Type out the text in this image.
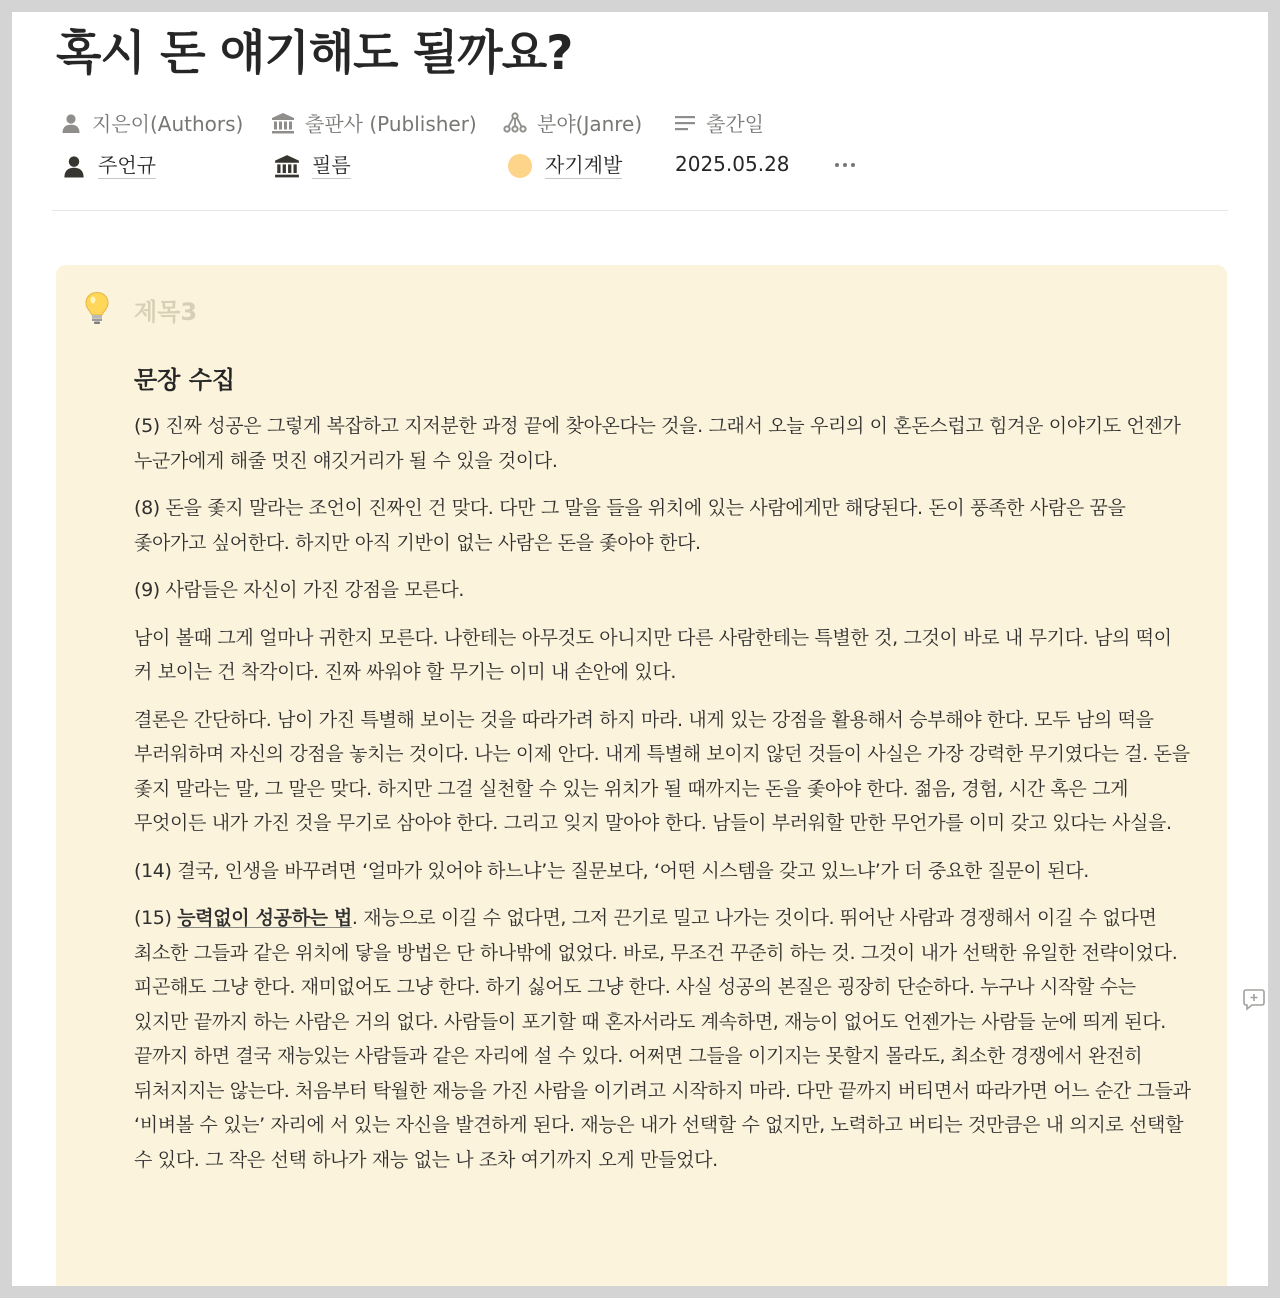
혹시 돈 얘기해도 될까요?
지은이(Authors)	출판사 (Publisher)	분야(Janre)	출간일
주언규	필름	자기계발	2025.05.28
제목3
문장 수집

(5) 진짜 성공은 그렇게 복잡하고 지저분한 과정 끝에 찾아온다는 것을. 그래서 오늘 우리의 이 혼돈스럽고 힘겨운 이야기도 언젠가 누군가에게 해줄 멋진 얘깃거리가 될 수 있을 것이다.

(8) 돈을 좇지 말라는 조언이 진짜인 건 맞다. 다만 그 말을 들을 위치에 있는 사람에게만 해당된다. 돈이 풍족한 사람은 꿈을 좇아가고 싶어한다. 하지만 아직 기반이 없는 사람은 돈을 좇아야 한다.

(9) 사람들은 자신이 가진 강점을 모른다.

남이 볼때 그게 얼마나 귀한지 모른다. 나한테는 아무것도 아니지만 다른 사람한테는 특별한 것, 그것이 바로 내 무기다. 남의 떡이 커 보이는 건 착각이다. 진짜 싸워야 할 무기는 이미 내 손안에 있다.

결론은 간단하다. 남이 가진 특별해 보이는 것을 따라가려 하지 마라. 내게 있는 강점을 활용해서 승부해야 한다. 모두 남의 떡을 부러워하며 자신의 강점을 놓치는 것이다. 나는 이제 안다. 내게 특별해 보이지 않던 것들이 사실은 가장 강력한 무기였다는 걸. 돈을 좇지 말라는 말, 그 말은 맞다. 하지만 그걸 실천할 수 있는 위치가 될 때까지는 돈을 좇아야 한다. 젊음, 경험, 시간 혹은 그게 무엇이든 내가 가진 것을 무기로 삼아야 한다. 그리고 잊지 말아야 한다. 남들이 부러워할 만한 무언가를 이미 갖고 있다는 사실을.

(14) 결국, 인생을 바꾸려면 ‘얼마가 있어야 하느냐’는 질문보다, ‘어떤 시스템을 갖고 있느냐’가 더 중요한 질문이 된다.

(15) 능력없이 성공하는 법. 재능으로 이길 수 없다면, 그저 끈기로 밀고 나가는 것이다. 뛰어난 사람과 경쟁해서 이길 수 없다면 최소한 그들과 같은 위치에 닿을 방법은 단 하나밖에 없었다. 바로, 무조건 꾸준히 하는 것. 그것이 내가 선택한 유일한 전략이었다. 피곤해도 그냥 한다. 재미없어도 그냥 한다. 하기 싫어도 그냥 한다. 사실 성공의 본질은 굉장히 단순하다. 누구나 시작할 수는 있지만 끝까지 하는 사람은 거의 없다. 사람들이 포기할 때 혼자서라도 계속하면, 재능이 없어도 언젠가는 사람들 눈에 띄게 된다. 끝까지 하면 결국 재능있는 사람들과 같은 자리에 설 수 있다. 어쩌면 그들을 이기지는 못할지 몰라도, 최소한 경쟁에서 완전히 뒤처지지는 않는다. 처음부터 탁월한 재능을 가진 사람을 이기려고 시작하지 마라. 다만 끝까지 버티면서 따라가면 어느 순간 그들과 ‘비벼볼 수 있는’ 자리에 서 있는 자신을 발견하게 된다. 재능은 내가 선택할 수 없지만, 노력하고 버티는 것만큼은 내 의지로 선택할 수 있다. 그 작은 선택 하나가 재능 없는 나 조차 여기까지 오게 만들었다.
